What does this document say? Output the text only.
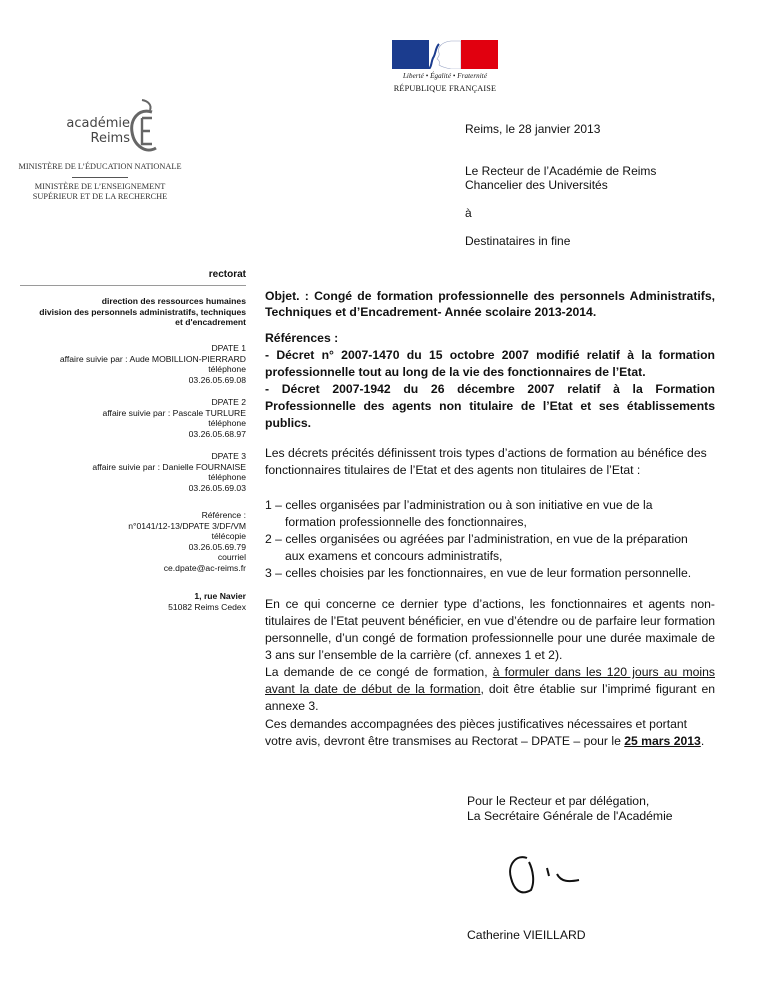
Liberté • Égalité • Fraternité
RÉPUBLIQUE FRANÇAISE
académie
Reims
MINISTÈRE DE L’ÉDUCATION NATIONALE
MINISTÈRE DE L’ENSEIGNEMENT SUPÉRIEUR ET DE LA RECHERCHE
Reims, le 28 janvier 2013
Le Recteur de l’Académie de Reims
Chancelier des Universités
à
Destinataires in fine
rectorat
direction des ressources humaines
division des personnels administratifs, techniques
et d'encadrement
DPATE 1
affaire suivie par : Aude MOBILLION-PIERRARD
téléphone
03.26.05.69.08
DPATE 2
affaire suivie par : Pascale TURLURE
téléphone
03.26.05.68.97
DPATE 3
affaire suivie par : Danielle FOURNAISE
téléphone
03.26.05.69.03
Référence :
n°0141/12-13/DPATE 3/DF/VM
télécopie
03.26.05.69.79
courriel
ce.dpate@ac-reims.fr
1, rue Navier
51082 Reims Cedex
Objet. : Congé de formation professionnelle des personnels Administratifs, Techniques et d’Encadrement- Année scolaire 2013-2014.
Références :
- Décret n° 2007-1470 du 15 octobre 2007 modifié relatif à la formation professionnelle tout au long de la vie des fonctionnaires de l’Etat.
- Décret 2007-1942 du 26 décembre 2007 relatif à la Formation Professionnelle des agents non titulaire de l’Etat et ses établissements publics.
Les décrets précités définissent trois types d’actions de formation au bénéfice des fonctionnaires titulaires de l’Etat et des agents non titulaires de l’Etat :

1 – celles organisées par l’administration ou à son initiative en vue de la

formation professionnelle des fonctionnaires,

2 – celles organisées ou agréées par l’administration, en vue de la préparation

aux examens et concours administratifs,

3 – celles choisies par les fonctionnaires, en vue de leur formation personnelle.

En ce qui concerne ce dernier type d’actions, les fonctionnaires et agents non-titulaires de l’Etat peuvent bénéficier, en vue d’étendre ou de parfaire leur formation personnelle, d’un congé de formation professionnelle pour une durée maximale de 3 ans sur l’ensemble de la carrière (cf. annexes 1 et 2).
La demande de ce congé de formation, à formuler dans les 120 jours au moins avant la date de début de la formation, doit être établie sur l’imprimé figurant en annexe 3.
Ces demandes accompagnées des pièces justificatives nécessaires et portant votre avis, devront être transmises au Rectorat – DPATE – pour le 25 mars 2013.
Pour le Recteur et par délégation,
La Secrétaire Générale de l'Académie
Catherine VIEILLARD
